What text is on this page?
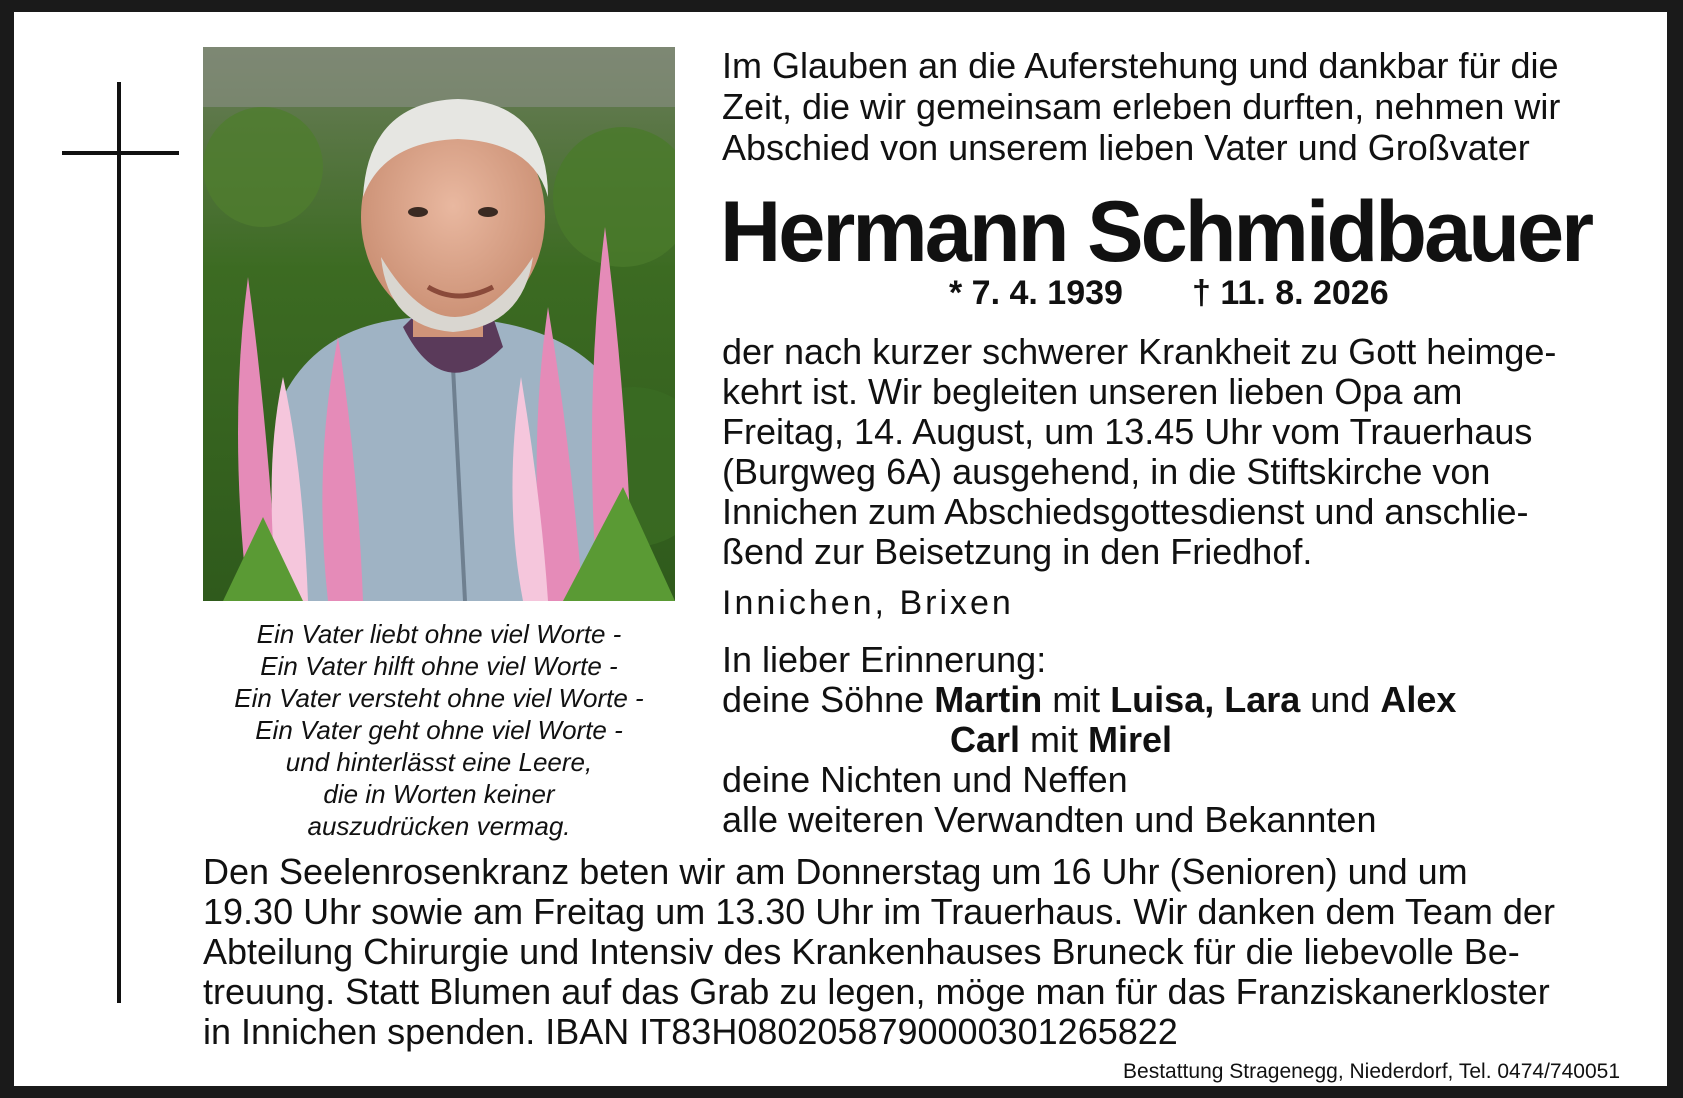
Ein Vater liebt ohne viel Worte -
Ein Vater hilft ohne viel Worte -
Ein Vater versteht ohne viel Worte -
Ein Vater geht ohne viel Worte -
und hinterlässt eine Leere,
die in Worten keiner
auszudrücken vermag.
Im Glauben an die Auferstehung und dankbar für die
Zeit, die wir gemeinsam erleben durften, nehmen wir
Abschied von unserem lieben Vater und Großvater
Hermann Schmidbauer
* 7. 4. 1939 † 11. 8. 2026
der nach kurzer schwerer Krankheit zu Gott heimge-
kehrt ist. Wir begleiten unseren lieben Opa am
Freitag, 14. August, um 13.45 Uhr vom Trauerhaus
(Burgweg 6A) ausgehend, in die Stiftskirche von
Innichen zum Abschiedsgottesdienst und anschlie-
ßend zur Beisetzung in den Friedhof.
Innichen, Brixen
In lieber Erinnerung:
deine Söhne Martin mit Luisa, Lara und Alex
Carl mit Mirel
deine Nichten und Neffen
alle weiteren Verwandten und Bekannten
Den Seelenrosenkranz beten wir am Donnerstag um 16 Uhr (Senioren) und um
19.30 Uhr sowie am Freitag um 13.30 Uhr im Trauerhaus. Wir danken dem Team der
Abteilung Chirurgie und Intensiv des Krankenhauses Bruneck für die liebevolle Be-
treuung. Statt Blumen auf das Grab zu legen, möge man für das Franziskanerkloster
in Innichen spenden. IBAN IT83H0802058790000301265822
Bestattung Stragenegg, Niederdorf, Tel. 0474/740051
